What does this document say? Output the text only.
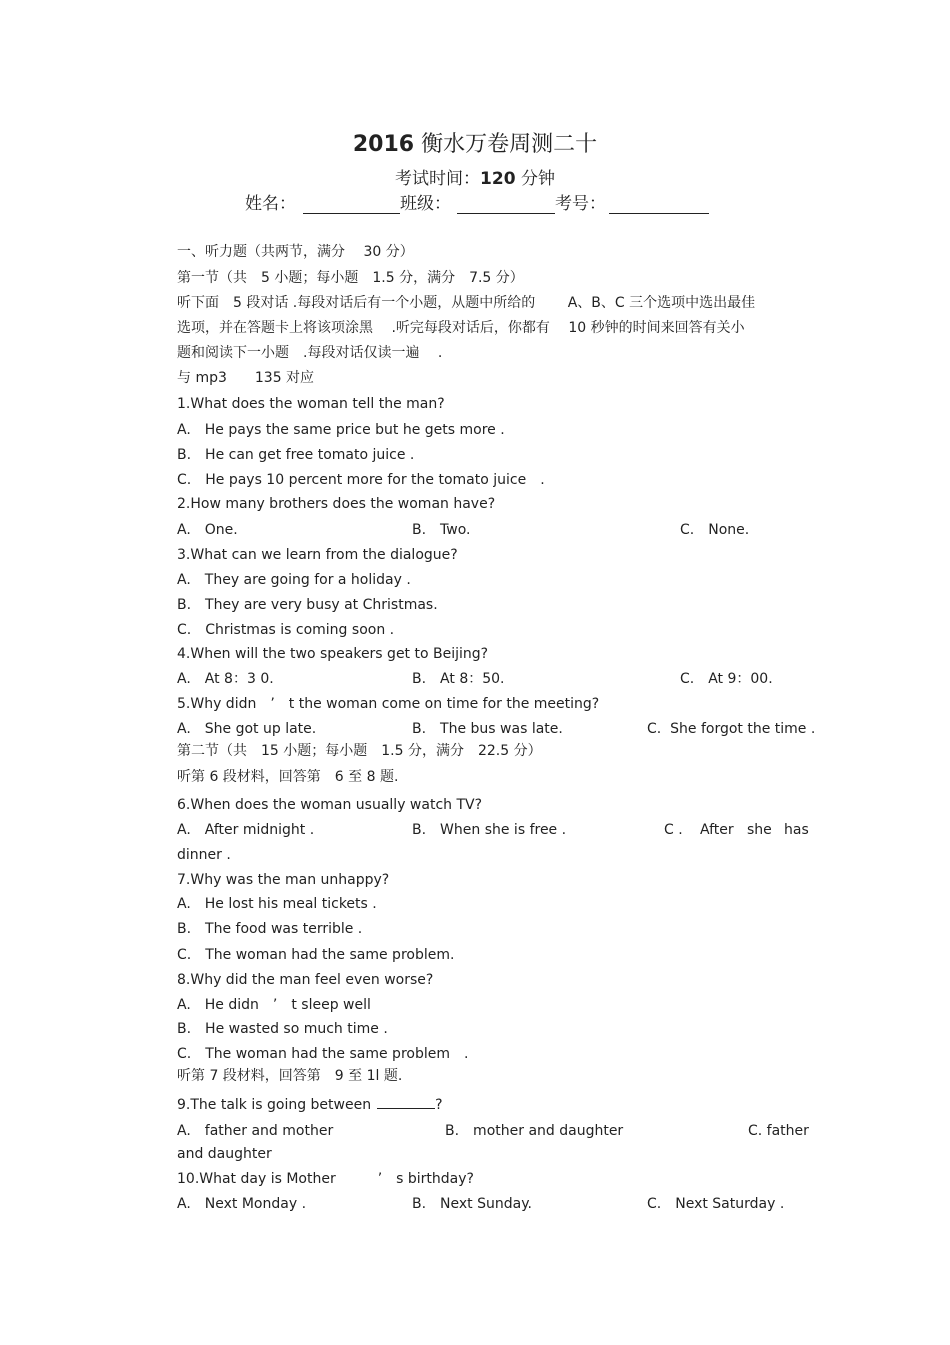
2016 衡水万卷周测二十
考试时间：120 分钟
姓名：	班级：	考号：
一、听力题（共两节，满分　 30 分）
第一节（共　5 小题；每小题　1.5 分，满分　7.5 分）
听下面　5 段对话 .每段对话后有一个小题，从题中所给的　　 A、B、C 三个选项中选出最佳
选项，并在答题卡上将该项涂黑　 .听完每段对话后，你都有　 10 秒钟的时间来回答有关小
题和阅读下一小题　.每段对话仅读一遍　 .
与 mp3　　135 对应
1.What does the woman tell the man?
A.　He pays the same price but he gets more .
B.　He can get free tomato juice .
C.　He pays 10 percent more for the tomato juice　.
2.How many brothers does the woman have?
A.　One.	B.　Two.	C.　None.
3.What can we learn from the dialogue?
A.　They are going for a holiday .
B.　They are very busy at Christmas.
C.　Christmas is coming soon .
4.When will the two speakers get to Beijing?
A.　At 8：3 0.	B.　At 8：50.	C.　At 9：00.
5.Why didn　’　t the woman come on time for the meeting?
A.　She got up late.	B.　The bus was late.	C.  She forgot the time .
第二节（共　15 小题；每小题　1.5 分，满分　22.5 分）
听第 6 段材料，回答第　6 至 8 题.
6.When does the woman usually watch TV?
A.　After midnight .	B.　When she is free .	C . After she has
dinner .
7.Why was the man unhappy?
A.　He lost his meal tickets .
B.　The food was terrible .
C.　The woman had the same problem.
8.Why did the man feel even worse?
A.　He didn　’　t sleep well
B.　He wasted so much time .
C.　The woman had the same problem　.
听第 7 段材料，回答第　9 至 1l 题.
9.The talk is going between	?
A.　father and mother	B.　mother and daughter	C. father
and daughter
10.What day is Mother　　　’　s birthday?
A.　Next Monday .	B.　Next Sunday.	C.　Next Saturday .
